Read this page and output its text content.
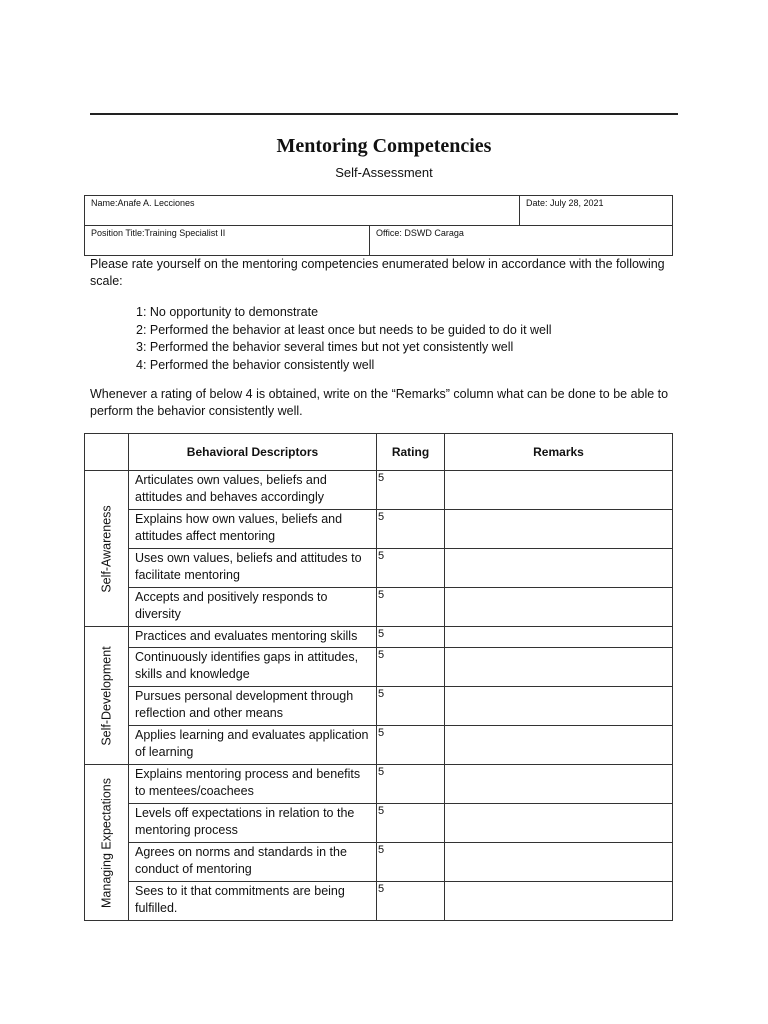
Mentoring Competencies
Self-Assessment
Name:Anafe A. Lecciones		Date: July 28, 2021
Position Title:Training Specialist II	Office: DSWD Caraga	
Please rate yourself on the mentoring competencies enumerated below in accordance with the following scale:
1: No opportunity to demonstrate
2: Performed the behavior at least once but needs to be guided to do it well
3: Performed the behavior several times but not yet consistently well
4: Performed the behavior consistently well
Whenever a rating of below 4 is obtained, write on the “Remarks” column what can be done to be able to perform the behavior consistently well.
	Behavioral Descriptors	Rating	Remarks

Self-Awareness	Articulates own values, beliefs and attitudes and behaves accordingly	5	
	Explains how own values, beliefs and attitudes affect mentoring	5	
	Uses own values, beliefs and attitudes to facilitate mentoring	5	
	Accepts and positively responds to diversity	5	

Self-Development	Practices and evaluates mentoring skills	5	
	Continuously identifies gaps in attitudes, skills and knowledge	5	
	Pursues personal development through reflection and other means	5	
	Applies learning and evaluates application of learning	5	

Managing Expectations	Explains mentoring process and benefits to mentees/coachees	5	
	Levels off expectations in relation to the mentoring process	5	
	Agrees on norms and standards in the conduct of mentoring	5	
	Sees to it that commitments are being fulfilled.	5	
